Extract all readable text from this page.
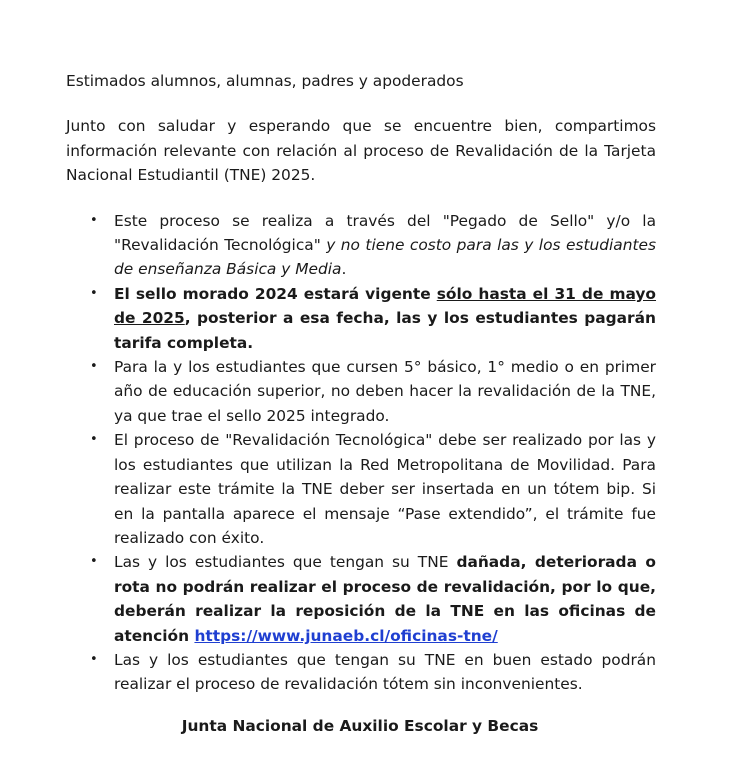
Estimados alumnos, alumnas, padres y apoderados

Junto con saludar y esperando que se encuentre bien, compartimos información relevante con relación al proceso de Revalidación de la Tarjeta Nacional Estudiantil (TNE) 2025.

• Este proceso se realiza a través del "Pegado de Sello" y/o la "Revalidación Tecnológica" y no tiene costo para las y los estudiantes de enseñanza Básica y Media.
• El sello morado 2024 estará vigente sólo hasta el 31 de mayo de 2025, posterior a esa fecha, las y los estudiantes pagarán tarifa completa.
• Para la y los estudiantes que cursen 5° básico, 1° medio o en primer año de educación superior, no deben hacer la revalidación de la TNE, ya que trae el sello 2025 integrado.
• El proceso de "Revalidación Tecnológica" debe ser realizado por las y los estudiantes que utilizan la Red Metropolitana de Movilidad. Para realizar este trámite la TNE deber ser insertada en un tótem bip. Si en la pantalla aparece el mensaje “Pase extendido”, el trámite fue realizado con éxito.
• Las y los estudiantes que tengan su TNE dañada, deteriorada o rota no podrán realizar el proceso de revalidación, por lo que, deberán realizar la reposición de la TNE en las oficinas de atención https://www.junaeb.cl/oficinas-tne/
• Las y los estudiantes que tengan su TNE en buen estado podrán realizar el proceso de revalidación tótem sin inconvenientes.
Junta Nacional de Auxilio Escolar y Becas
